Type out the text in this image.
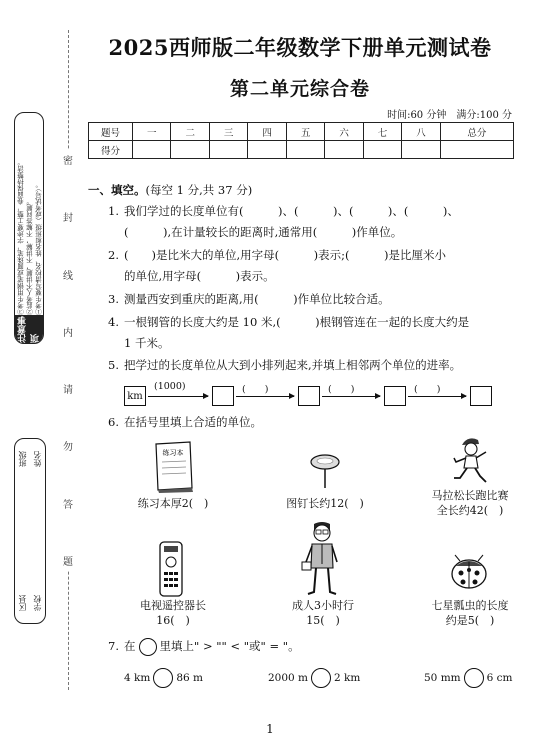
密
封
线
内
请
勿
答
题
①考生要写清校名、姓名和班级（或考试号）。
②监考人不讲题，不讲解，不解答问题。
③考生用钢笔或圆珠笔，字迹要工整，卷面保持整洁。
注意事项
学校
姓名
区县
班级
2025西师版二年级数学下册单元测试卷
第二单元综合卷
时间:60 分钟　满分:100 分
题号	一	二	三	四	五	六	七	八	总分
得分									
一、填空。(每空 1 分,共 37 分)
1. 我们学过的长度单位有(　　　)、(　　　)、(　　　)、(　　　)、
(　　　),在计量较长的距离时,通常用(　　　)作单位。
2. (　　)是比米大的单位,用字母(　　　)表示;(　　　)是比厘米小
的单位,用字母(　　　)表示。
3. 测量西安到重庆的距离,用(　　　)作单位比较合适。
4. 一根钢管的长度大约是 10 米,(　　　)根钢管连在一起的长度大约是
1 千米。
5. 把学过的长度单位从大到小排列起来,并填上相邻两个单位的进率。
km
(1000)	(　　)	(　　)	(　　)
6. 在括号里填上合适的单位。
练习本
练习本厚2(　)	图钉长约12(　)
马拉松长跑比赛
全长约42(　)
电视遥控器长
16(　)
成人3小时行
15(　)
七星瓢虫的长度
约是5(　)
7. 在 里填上" > "" < "或" = "。
4 km 86 m	2000 m 2 km	50 mm 6 cm
1
